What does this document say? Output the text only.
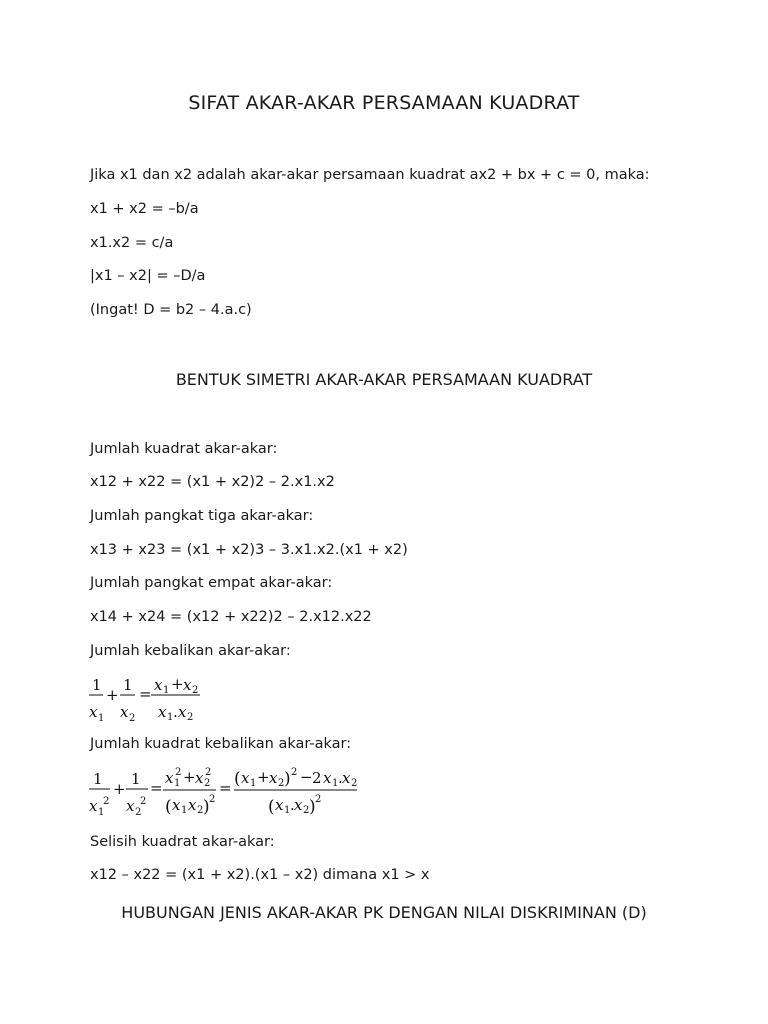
SIFAT AKAR-AKAR PERSAMAAN KUADRAT
Jika x1 dan x2 adalah akar-akar persamaan kuadrat ax2 + bx + c = 0, maka:
x1 + x2 = –b/a
x1.x2 = c/a
|x1 – x2| = –D/a
(Ingat! D = b2 – 4.a.c)
BENTUK SIMETRI AKAR-AKAR PERSAMAAN KUADRAT
Jumlah kuadrat akar-akar:
x12 + x22 = (x1 + x2)2 – 2.x1.x2
Jumlah pangkat tiga akar-akar:
x13 + x23 = (x1 + x2)3 – 3.x1.x2.(x1 + x2)
Jumlah pangkat empat akar-akar:
x14 + x24 = (x12 + x22)2 – 2.x12.x22
Jumlah kebalikan akar-akar:
1
x 1
+
1
x 2
= x 1 + x 2
x 1 . x 2
Jumlah kuadrat kebalikan akar-akar:
1
x 1
2
+
1
x 2
2
=
x 1
2 + x 2
2
( x 1 x 2 ) 2
= ( x 1 + x 2 ) 2 − 2 x 1 . x 2
( x 1 . x 2 ) 2
Selisih kuadrat akar-akar:
x12 – x22 = (x1 + x2).(x1 – x2) dimana x1 > x
HUBUNGAN JENIS AKAR-AKAR PK DENGAN NILAI DISKRIMINAN (D)
